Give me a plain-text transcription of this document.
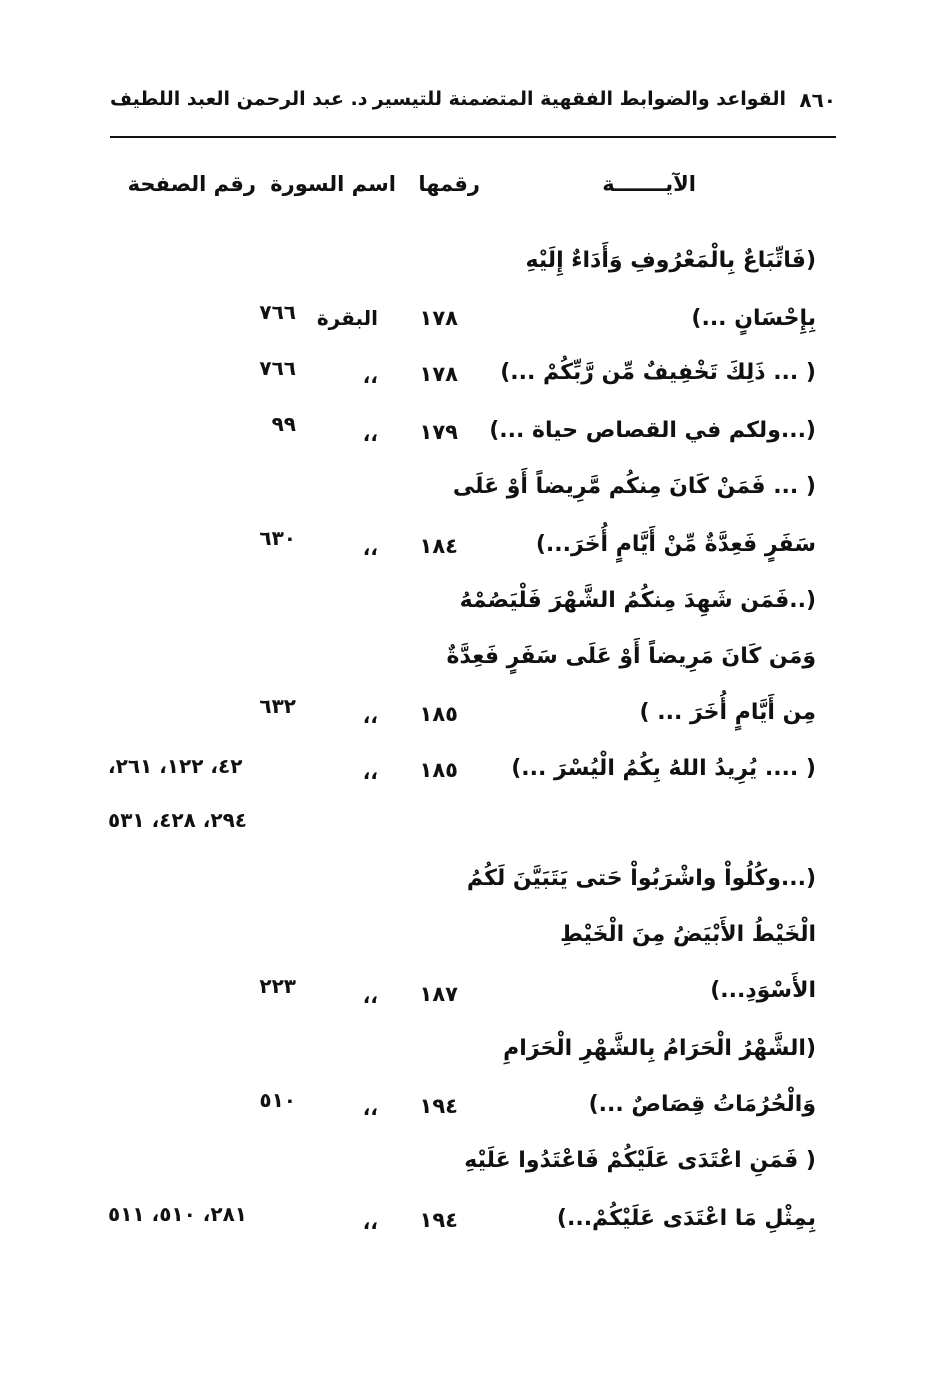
٨٦٠
القواعد والضوابط الفقهية المتضمنة للتيسير
د. عبد الرحمن العبد اللطيف
الآيـــــــة
رقمها
اسم السورة
رقم الصفحة
(فَاتِّبَاعٌ بِالْمَعْرُوفِ وَأَدَاءٌ إِلَيْهِ
بِإِحْسَانٍ ...)
١٧٨
البقرة
٧٦٦
( ... ذَلِكَ تَخْفِيفٌ مِّن رَّبِّكُمْ ...)
١٧٨
،،
٧٦٦
(...ولكم في القصاص حياة ...)
١٧٩
،،
٩٩
( ... فَمَنْ كَانَ مِنكُم مَّرِيضاً أَوْ عَلَى
سَفَرٍ فَعِدَّةٌ مِّنْ أَيَّامٍ أُخَرَ...)
١٨٤
،،
٦٣٠
(..فَمَن شَهِدَ مِنكُمُ الشَّهْرَ فَلْيَصُمْهُ
وَمَن كَانَ مَرِيضاً أَوْ عَلَى سَفَرٍ فَعِدَّةٌ
مِن أَيَّامٍ أُخَرَ ... )
١٨٥
،،
٦٣٢
( .... يُرِيدُ اللهُ بِكُمُ الْيُسْرَ ...)
١٨٥
،،
٤٢، ١٢٢، ٢٦١،
٢٩٤، ٤٢٨، ٥٣١
(...وكُلُواْ واشْرَبُواْ حَتى يَتَبَيَّنَ لَكُمُ
الْخَيْطُ الأَبْيَضُ مِنَ الْخَيْطِ
الأَسْوَدِ...)
١٨٧
،،
٢٢٣
(الشَّهْرُ الْحَرَامُ بِالشَّهْرِ الْحَرَامِ
وَالْحُرُمَاتُ قِصَاصٌ ...)
١٩٤
،،
٥١٠
( فَمَنِ اعْتَدَى عَلَيْكُمْ فَاعْتَدُوا عَلَيْهِ
بِمِثْلِ مَا اعْتَدَى عَلَيْكُمْ...)
١٩٤
،،
٢٨١، ٥١٠، ٥١١
